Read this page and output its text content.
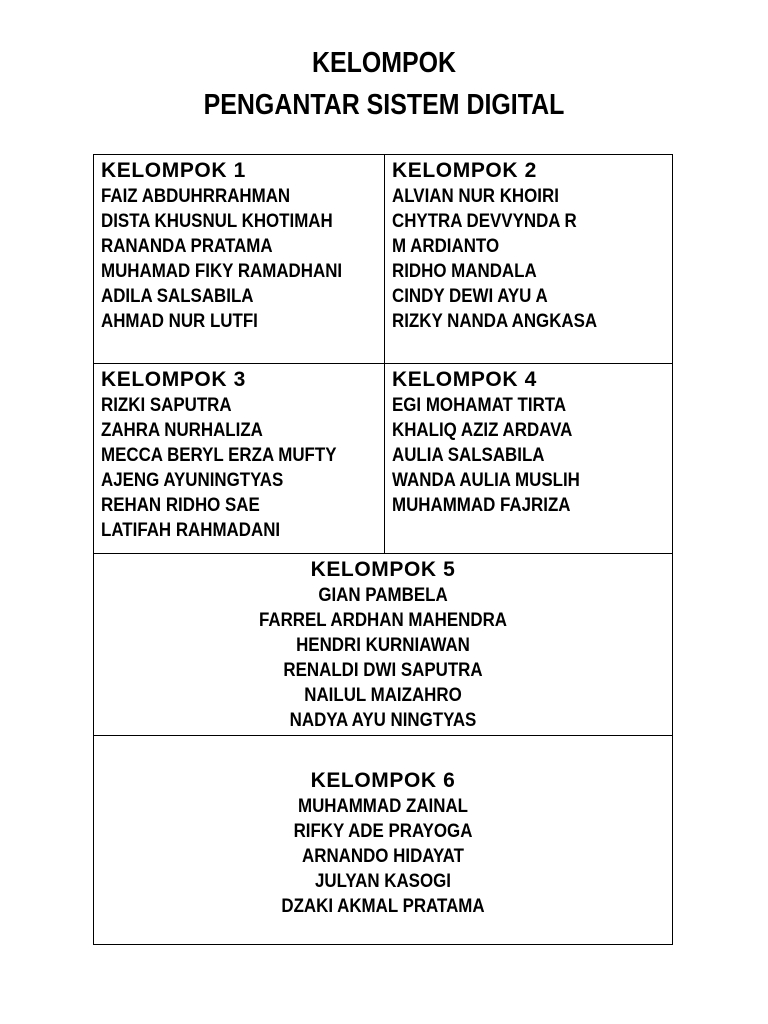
KELOMPOK
PENGANTAR SISTEM DIGITAL
KELOMPOK 1
FAIZ ABDUHRRAHMAN
DISTA KHUSNUL KHOTIMAH
RANANDA PRATAMA
MUHAMAD FIKY RAMADHANI
ADILA SALSABILA
AHMAD NUR LUTFI
KELOMPOK 2
ALVIAN NUR KHOIRI
CHYTRA DEVVYNDA R
M ARDIANTO
RIDHO MANDALA
CINDY DEWI AYU A
RIZKY NANDA ANGKASA
KELOMPOK 3
RIZKI SAPUTRA
ZAHRA NURHALIZA
MECCA BERYL ERZA MUFTY
AJENG AYUNINGTYAS
REHAN RIDHO SAE
LATIFAH RAHMADANI
KELOMPOK 4
EGI MOHAMAT TIRTA
KHALIQ AZIZ ARDAVA
AULIA SALSABILA
WANDA AULIA MUSLIH
MUHAMMAD FAJRIZA
KELOMPOK 5
GIAN PAMBELA
FARREL ARDHAN MAHENDRA
HENDRI KURNIAWAN
RENALDI DWI SAPUTRA
NAILUL MAIZAHRO
NADYA AYU NINGTYAS
KELOMPOK 6
MUHAMMAD ZAINAL
RIFKY ADE PRAYOGA
ARNANDO HIDAYAT
JULYAN KASOGI
DZAKI AKMAL PRATAMA
